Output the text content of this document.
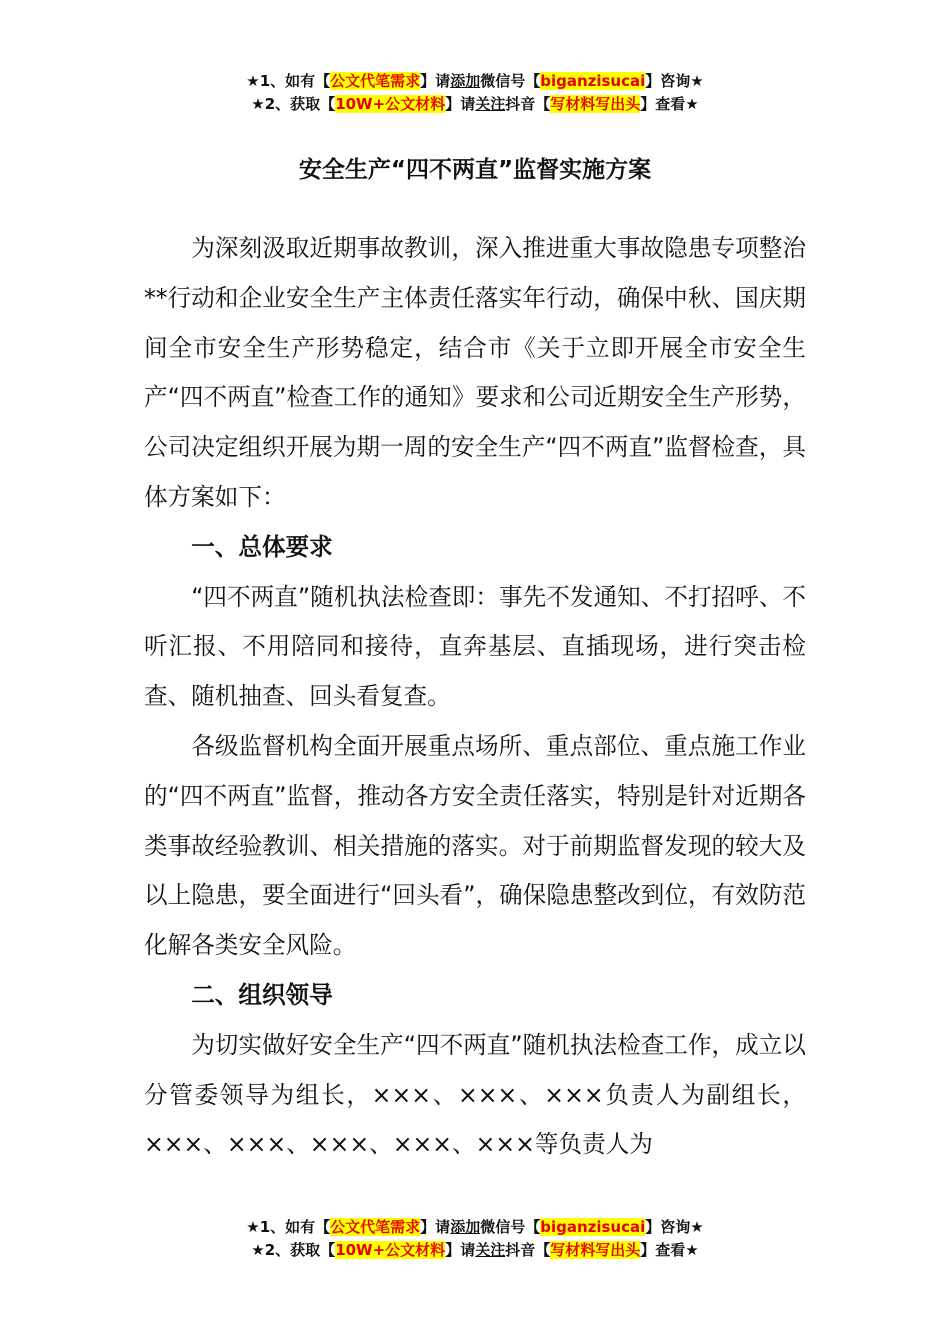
★1、如有【公文代笔需求】请添加微信号【biganzisucai】咨询★
★2、获取【10W+公文材料】请关注抖音【写材料写出头】查看★
安全生产“四不两直”监督实施方案

为深刻汲取近期事故教训，深入推进重大事故隐患专项整治**行动和企业安全生产主体责任落实年行动，确保中秋、国庆期间全市安全生产形势稳定，结合市《关于立即开展全市安全生产“四不两直”检查工作的通知》要求和公司近期安全生产形势，公司决定组织开展为期一周的安全生产“四不两直”监督检查，具体方案如下：

一、总体要求

“四不两直”随机执法检查即：事先不发通知、不打招呼、不听汇报、不用陪同和接待，直奔基层、直插现场，进行突击检查、随机抽查、回头看复查。

各级监督机构全面开展重点场所、重点部位、重点施工作业的“四不两直”监督，推动各方安全责任落实，特别是针对近期各类事故经验教训、相关措施的落实。对于前期监督发现的较大及以上隐患，要全面进行“回头看”，确保隐患整改到位，有效防范化解各类安全风险。

二、组织领导

为切实做好安全生产“四不两直”随机执法检查工作，成立以分管委领导为组长，×××、×××、×××负责人为副组长，×××、×××、×××、×××、×××等负责人为

★1、如有【公文代笔需求】请添加微信号【biganzisucai】咨询★
★2、获取【10W+公文材料】请关注抖音【写材料写出头】查看★
